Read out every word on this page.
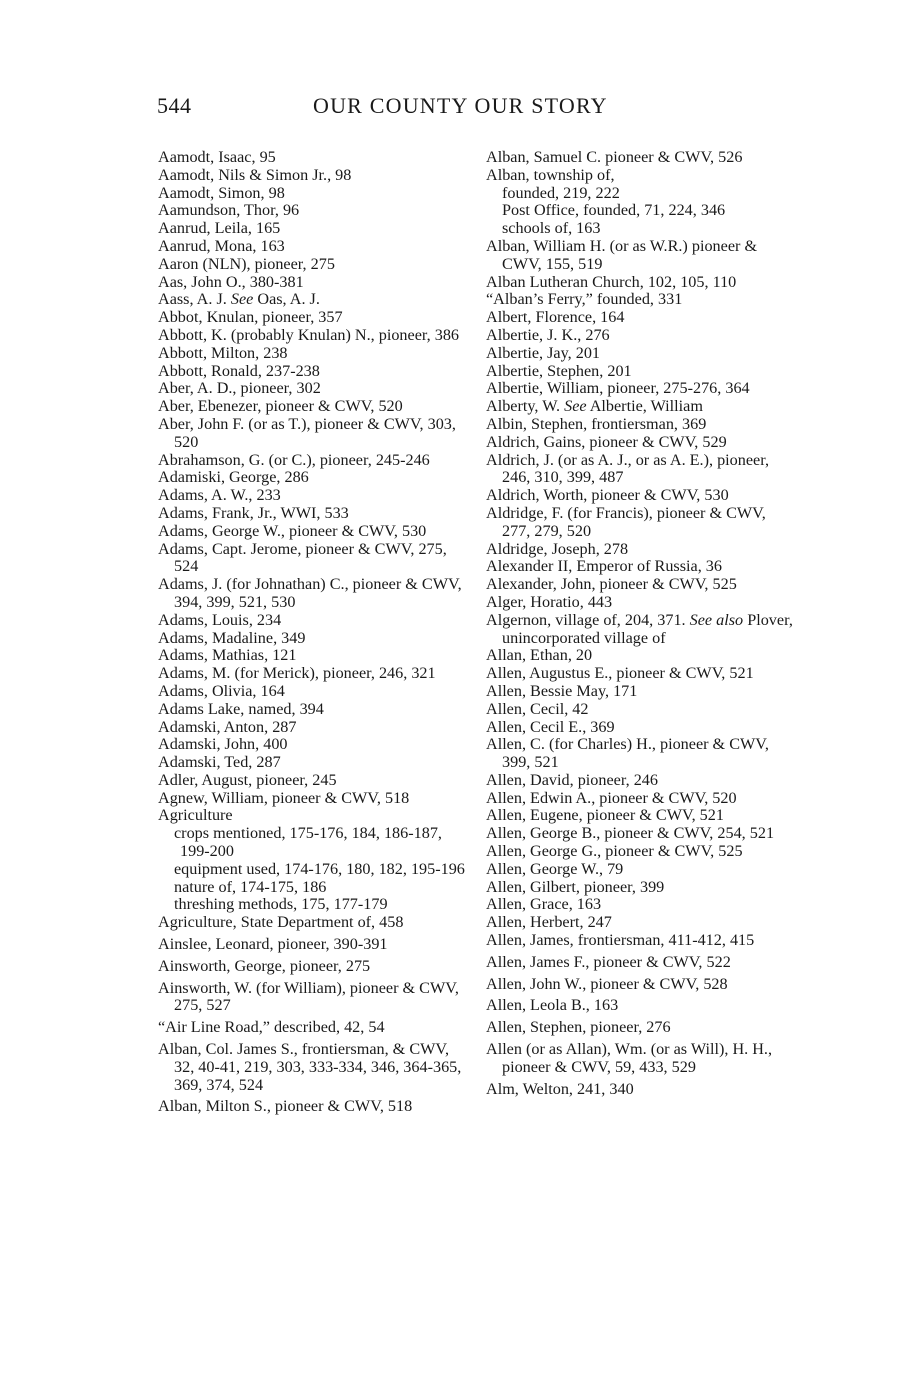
544	OUR COUNTY OUR STORY

Aamodt, Isaac, 95

Aamodt, Nils & Simon Jr., 98

Aamodt, Simon, 98

Aamundson, Thor, 96

Aanrud, Leila, 165

Aanrud, Mona, 163

Aaron (NLN), pioneer, 275

Aas, John O., 380-381

Aass, A. J. See Oas, A. J.

Abbot, Knulan, pioneer, 357

Abbott, K. (probably Knulan) N., pioneer, 386

Abbott, Milton, 238

Abbott, Ronald, 237-238

Aber, A. D., pioneer, 302

Aber, Ebenezer, pioneer & CWV, 520

Aber, John F. (or as T.), pioneer & CWV, 303, 520

Abrahamson, G. (or C.), pioneer, 245-246

Adamiski, George, 286

Adams, A. W., 233

Adams, Frank, Jr., WWI, 533

Adams, George W., pioneer & CWV, 530

Adams, Capt. Jerome, pioneer & CWV, 275, 524

Adams, J. (for Johnathan) C., pioneer & CWV, 394, 399, 521, 530

Adams, Louis, 234

Adams, Madaline, 349

Adams, Mathias, 121

Adams, M. (for Merick), pioneer, 246, 321

Adams, Olivia, 164

Adams Lake, named, 394

Adamski, Anton, 287

Adamski, John, 400

Adamski, Ted, 287

Adler, August, pioneer, 245

Agnew, William, pioneer & CWV, 518

Agriculture

crops mentioned, 175-176, 184, 186-187, 199-200

equipment used, 174-176, 180, 182, 195-196

nature of, 174-175, 186

threshing methods, 175, 177-179

Agriculture, State Department of, 458

Ainslee, Leonard, pioneer, 390-391

Ainsworth, George, pioneer, 275

Ainsworth, W. (for William), pioneer & CWV, 275, 527

“Air Line Road,” described, 42, 54

Alban, Col. James S., frontiersman, & CWV, 32, 40-41, 219, 303, 333-334, 346, 364-365, 369, 374, 524

Alban, Milton S., pioneer & CWV, 518

Alban, Samuel C. pioneer & CWV, 526

Alban, township of,

founded, 219, 222

Post Office, founded, 71, 224, 346

schools of, 163

Alban, William H. (or as W.R.) pioneer & CWV, 155, 519

Alban Lutheran Church, 102, 105, 110

“Alban’s Ferry,” founded, 331

Albert, Florence, 164

Albertie, J. K., 276

Albertie, Jay, 201

Albertie, Stephen, 201

Albertie, William, pioneer, 275-276, 364

Alberty, W. See Albertie, William

Albin, Stephen, frontiersman, 369

Aldrich, Gains, pioneer & CWV, 529

Aldrich, J. (or as A. J., or as A. E.), pioneer, 246, 310, 399, 487

Aldrich, Worth, pioneer & CWV, 530

Aldridge, F. (for Francis), pioneer & CWV, 277, 279, 520

Aldridge, Joseph, 278

Alexander II, Emperor of Russia, 36

Alexander, John, pioneer & CWV, 525

Alger, Horatio, 443

Algernon, village of, 204, 371. See also Plover, unincorporated village of

Allan, Ethan, 20

Allen, Augustus E., pioneer & CWV, 521

Allen, Bessie May, 171

Allen, Cecil, 42

Allen, Cecil E., 369

Allen, C. (for Charles) H., pioneer & CWV, 399, 521

Allen, David, pioneer, 246

Allen, Edwin A., pioneer & CWV, 520

Allen, Eugene, pioneer & CWV, 521

Allen, George B., pioneer & CWV, 254, 521

Allen, George G., pioneer & CWV, 525

Allen, George W., 79

Allen, Gilbert, pioneer, 399

Allen, Grace, 163

Allen, Herbert, 247

Allen, James, frontiersman, 411-412, 415

Allen, James F., pioneer & CWV, 522

Allen, John W., pioneer & CWV, 528

Allen, Leola B., 163

Allen, Stephen, pioneer, 276

Allen (or as Allan), Wm. (or as Will), H. H., pioneer & CWV, 59, 433, 529

Alm, Welton, 241, 340
